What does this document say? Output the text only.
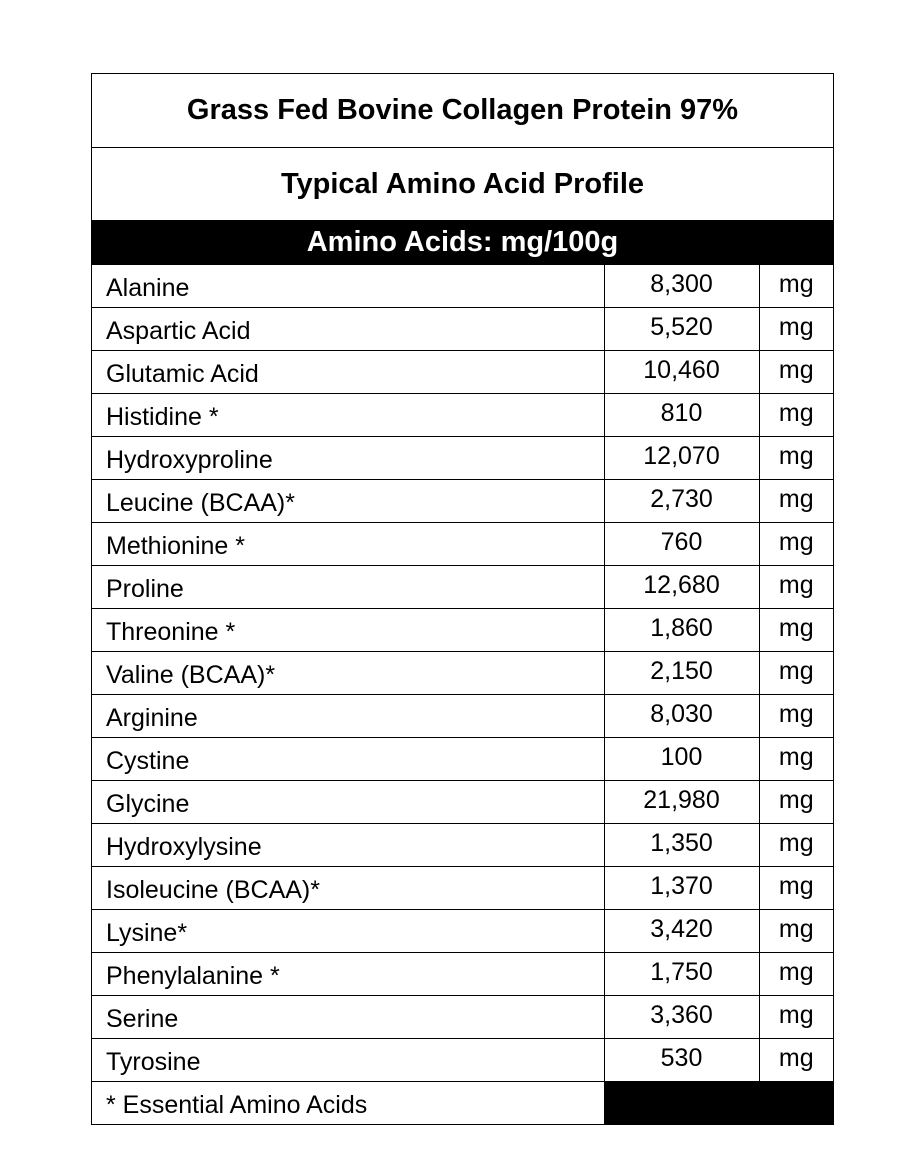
Grass Fed Bovine Collagen Protein 97%
Typical Amino Acid Profile
Amino Acids: mg/100g
Alanine	8,300	mg
Aspartic Acid	5,520	mg
Glutamic Acid	10,460	mg
Histidine *	810	mg
Hydroxyproline	12,070	mg
Leucine (BCAA)*	2,730	mg
Methionine *	760	mg
Proline	12,680	mg
Threonine *	1,860	mg
Valine (BCAA)*	2,150	mg
Arginine	8,030	mg
Cystine	100	mg
Glycine	21,980	mg
Hydroxylysine	1,350	mg
Isoleucine (BCAA)*	1,370	mg
Lysine*	3,420	mg
Phenylalanine *	1,750	mg
Serine	3,360	mg
Tyrosine	530	mg
* Essential Amino Acids		
